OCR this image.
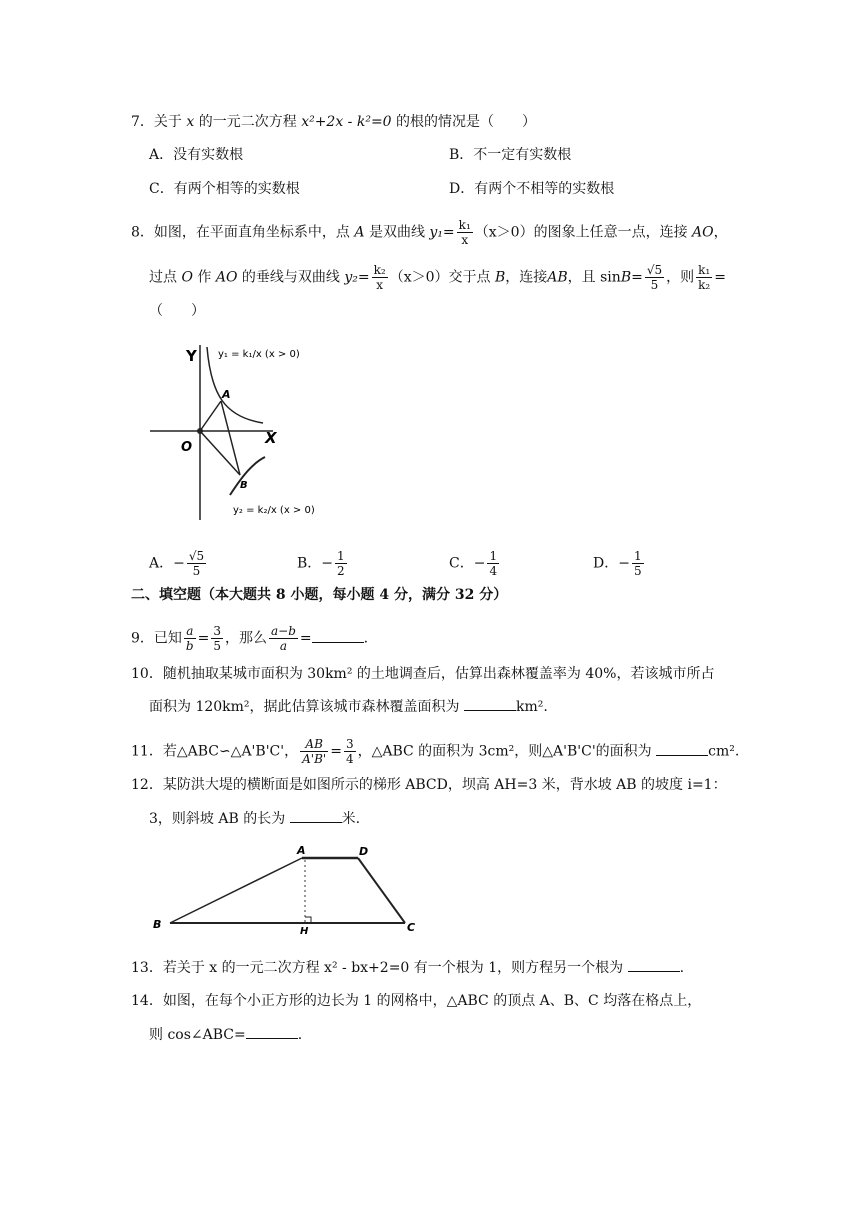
7．关于 x 的一元二次方程 x²+2x - k²=0 的根的情况是（　　）
A．没有实数根	B．不一定有实数根
C．有两个相等的实数根	D．有两个不相等的实数根
8．如图，在平面直角坐标系中，点 A 是双曲线 $y_1= \frac{\text{k₁}}{x} (x>0)$的图象上任意一点，连接 AO，
过点 O 作 AO 的垂线与双曲线 $y_2= \frac{\text{k₂}}{x} (x>0)$交于点 B，连接AB，且 $\sin B= \frac{√5}{5}$ ，则 $\frac{\text{k₁}}{\text{k₂}}$ =
（　　）
Y
X
O
A
B
y₁ = k₁/x (x > 0)
y₂ = k₂/x (x > 0)
A．− $\frac{√5}{5}$	B．− $\frac{1}{2}$	C．− $\frac{1}{4}$	D．− $\frac{1}{5}$
二、填空题（本大题共 8 小题，每小题 4 分，满分 32 分）
9．已知 $\frac{a}{b} = \frac{3}{5}$ ，那么 $\frac{a-b}{a}$ =	.
10．随机抽取某城市面积为 30km² 的土地调查后，估算出森林覆盖率为 40%，若该城市所占
面积为 120km²，据此估算该城市森林覆盖面积为	km².
11．若△ABC∽△A'B'C'， $\frac{AB}{A'B'} = \frac{3}{4}$ ，△ABC 的面积为 3cm²，则△A'B'C'的面积为	cm².
12．某防洪大堤的横断面是如图所示的梯形 ABCD，坝高 AH=3 米，背水坡 AB 的坡度 i=1：
3，则斜坡 AB 的长为	米.
A	D
B	C
H
13．若关于 x 的一元二次方程 x² - bx+2=0 有一个根为 1，则方程另一个根为	.
14．如图，在每个小正方形的边长为 1 的网格中，△ABC 的顶点 A、B、C 均落在格点上，
则 cos∠ABC=	.
